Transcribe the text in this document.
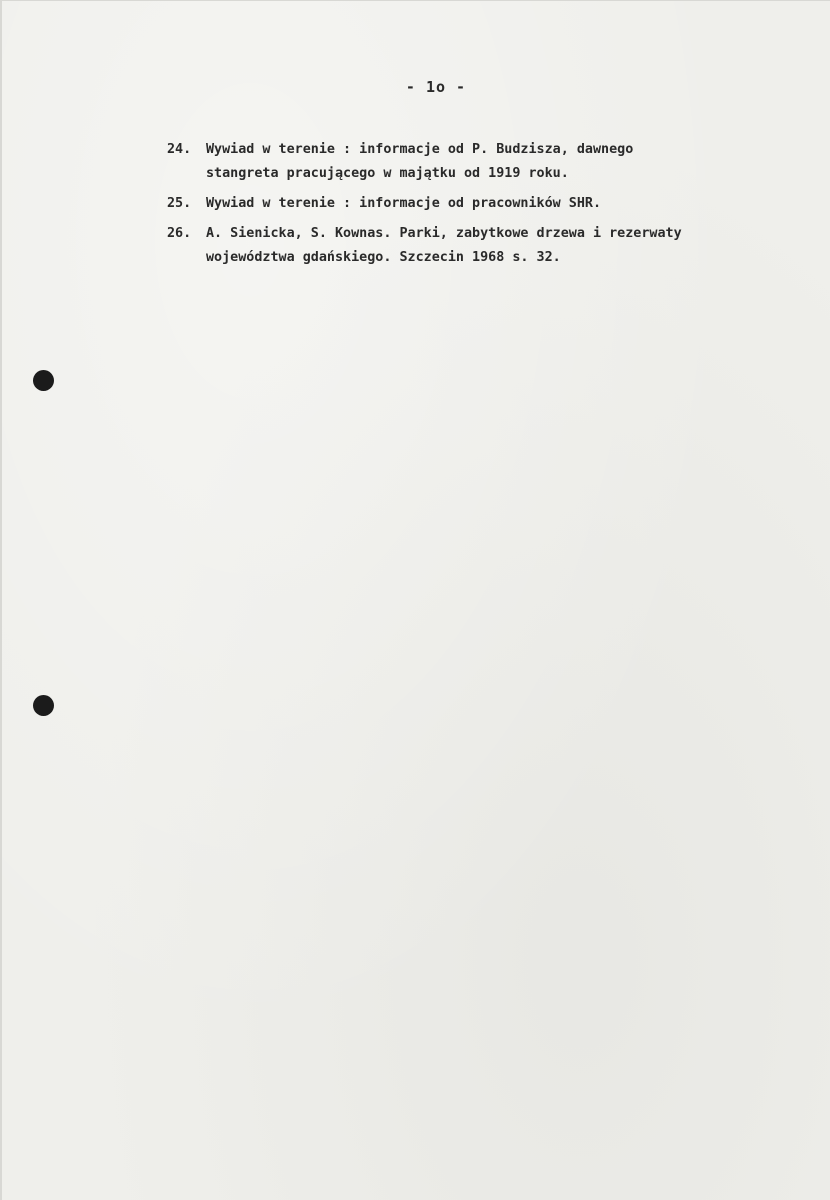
- 1o -
24.	Wywiad w terenie : informacje od P. Budzisza, dawnego
stangreta pracującego w majątku od 1919 roku.
25.	Wywiad w terenie : informacje od pracowników SHR.
26.	A. Sienicka, S. Kownas. Parki, zabytkowe drzewa i rezerwaty
województwa gdańskiego. Szczecin 1968 s. 32.
